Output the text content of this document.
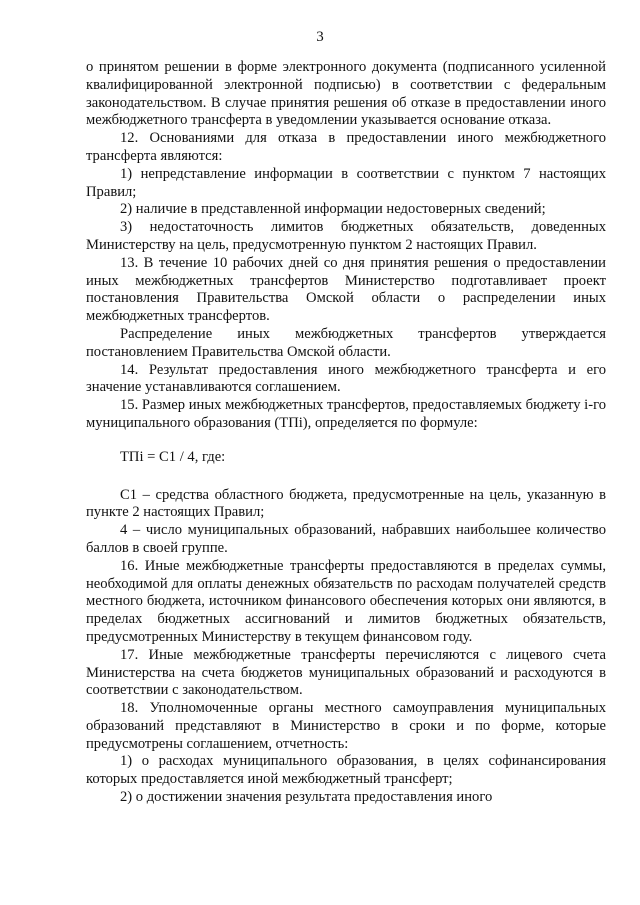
3

о принятом решении в форме электронного документа (подписанного усиленной квалифицированной электронной подписью) в соответствии с федеральным законодательством. В случае принятия решения об отказе в предоставлении иного межбюджетного трансферта в уведомлении указывается основание отказа.

12. Основаниями для отказа в предоставлении иного межбюджетного трансферта являются:

1) непредставление информации в соответствии с пунктом 7 настоящих Правил;

2) наличие в представленной информации недостоверных сведений;

3) недостаточность лимитов бюджетных обязательств, доведенных Министерству на цель, предусмотренную пунктом 2 настоящих Правил.

13. В течение 10 рабочих дней со дня принятия решения о предоставлении иных межбюджетных трансфертов Министерство подготавливает проект постановления Правительства Омской области о распределении иных межбюджетных трансфертов.

Распределение иных межбюджетных трансфертов утверждается постановлением Правительства Омской области.

14. Результат предоставления иного межбюджетного трансферта и его значение устанавливаются соглашением.

15. Размер иных межбюджетных трансфертов, предоставляемых бюджету i-го муниципального образования (ТПi), определяется по формуле:

ТПi = С1 / 4, где:

С1 – средства областного бюджета, предусмотренные на цель, указанную в пункте 2 настоящих Правил;

4 – число муниципальных образований, набравших наибольшее количество баллов в своей группе.

16. Иные межбюджетные трансферты предоставляются в пределах суммы, необходимой для оплаты денежных обязательств по расходам получателей средств местного бюджета, источником финансового обеспечения которых они являются, в пределах бюджетных ассигнований и лимитов бюджетных обязательств, предусмотренных Министерству в текущем финансовом году.

17. Иные межбюджетные трансферты перечисляются с лицевого счета Министерства на счета бюджетов муниципальных образований и расходуются в соответствии с законодательством.

18. Уполномоченные органы местного самоуправления муниципальных образований представляют в Министерство в сроки и по форме, которые предусмотрены соглашением, отчетность:

1) о расходах муниципального образования, в целях софинансирования которых предоставляется иной межбюджетный трансферт;

2) о достижении значения результата предоставления иного
